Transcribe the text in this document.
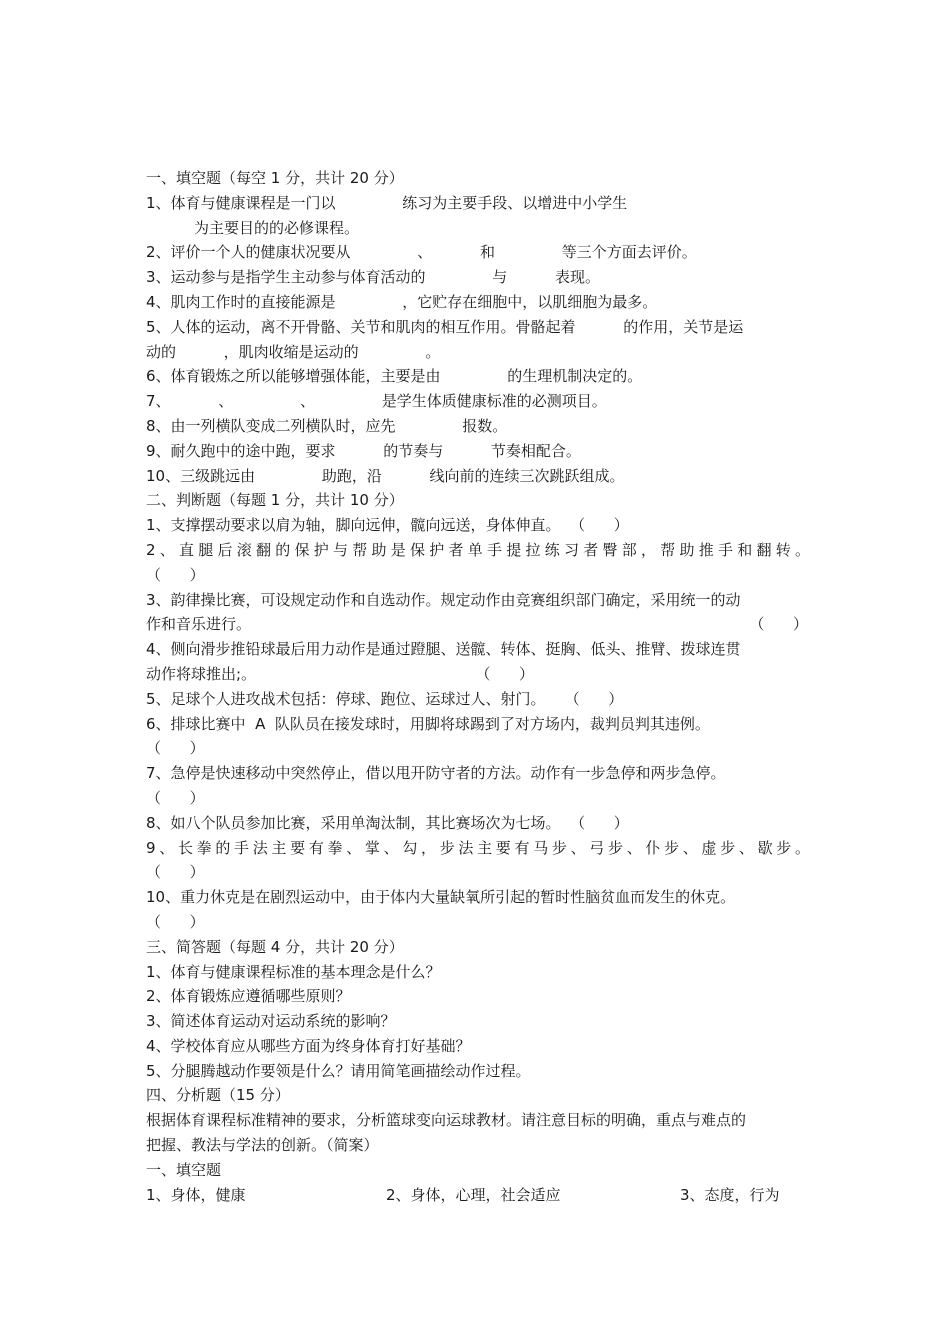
一、填空题（每空 1 分，共计 20 分）
1、体育与健康课程是一门以              练习为主要手段、以增进中小学生
为主要目的的必修课程。
2、评价一个人的健康状况要从              、          和              等三个方面去评价。
3、运动参与是指学生主动参与体育活动的              与          表现。
4、肌肉工作时的直接能源是              ，它贮存在细胞中，以肌细胞为最多。
5、人体的运动，离不开骨骼、关节和肌肉的相互作用。骨骼起着          的作用，关节是运
动的          ，肌肉收缩是运动的              。
6、体育锻炼之所以能够增强体能，主要是由              的生理机制决定的。
7、          、              、              是学生体质健康标准的必测项目。
8、由一列横队变成二列横队时，应先              报数。
9、耐久跑中的途中跑，要求          的节奏与          节奏相配合。
10、三级跳远由              助跑，沿          线向前的连续三次跳跃组成。
二、判断题（每题 1 分，共计 10 分）
1、支撑摆动要求以肩为轴，脚向远伸，髋向远送，身体伸直。  （      ）
2、直腿后滚翻的保护与帮助是保护者单手提拉练习者臀部，帮助推手和翻转。
（      ）
3、韵律操比赛，可设规定动作和自选动作。规定动作由竞赛组织部门确定，采用统一的动
作和音乐进行。	（      ）
4、侧向滑步推铅球最后用力动作是通过蹬腿、送髋、转体、挺胸、低头、推臂、拨球连贯
动作将球推出;。                                              （      ）
5、足球个人进攻战术包括：停球、跑位、运球过人、射门。    （      ）
6、排球比赛中  A  队队员在接发球时，用脚将球踢到了对方场内，裁判员判其违例。
（      ）
7、急停是快速移动中突然停止，借以甩开防守者的方法。动作有一步急停和两步急停。
（      ）
8、如八个队员参加比赛，采用单淘汰制，其比赛场次为七场。  （      ）
9、长拳的手法主要有拳、掌、勾，步法主要有马步、弓步、仆步、虚步、歇步。
（      ）
10、重力休克是在剧烈运动中，由于体内大量缺氧所引起的暂时性脑贫血而发生的休克。
（      ）
三、简答题（每题 4 分，共计 20 分）
1、体育与健康课程标准的基本理念是什么？
2、体育锻炼应遵循哪些原则？
3、简述体育运动对运动系统的影响？
4、学校体育应从哪些方面为终身体育打好基础？
5、分腿腾越动作要领是什么？请用简笔画描绘动作过程。
四、分析题（15 分）
根据体育课程标准精神的要求，分析篮球变向运球教材。请注意目标的明确，重点与难点的
把握、教法与学法的创新。（简案）
一、填空题

1、身体，健康

	2、身体，心理，社会适应

	3、态度，行为
